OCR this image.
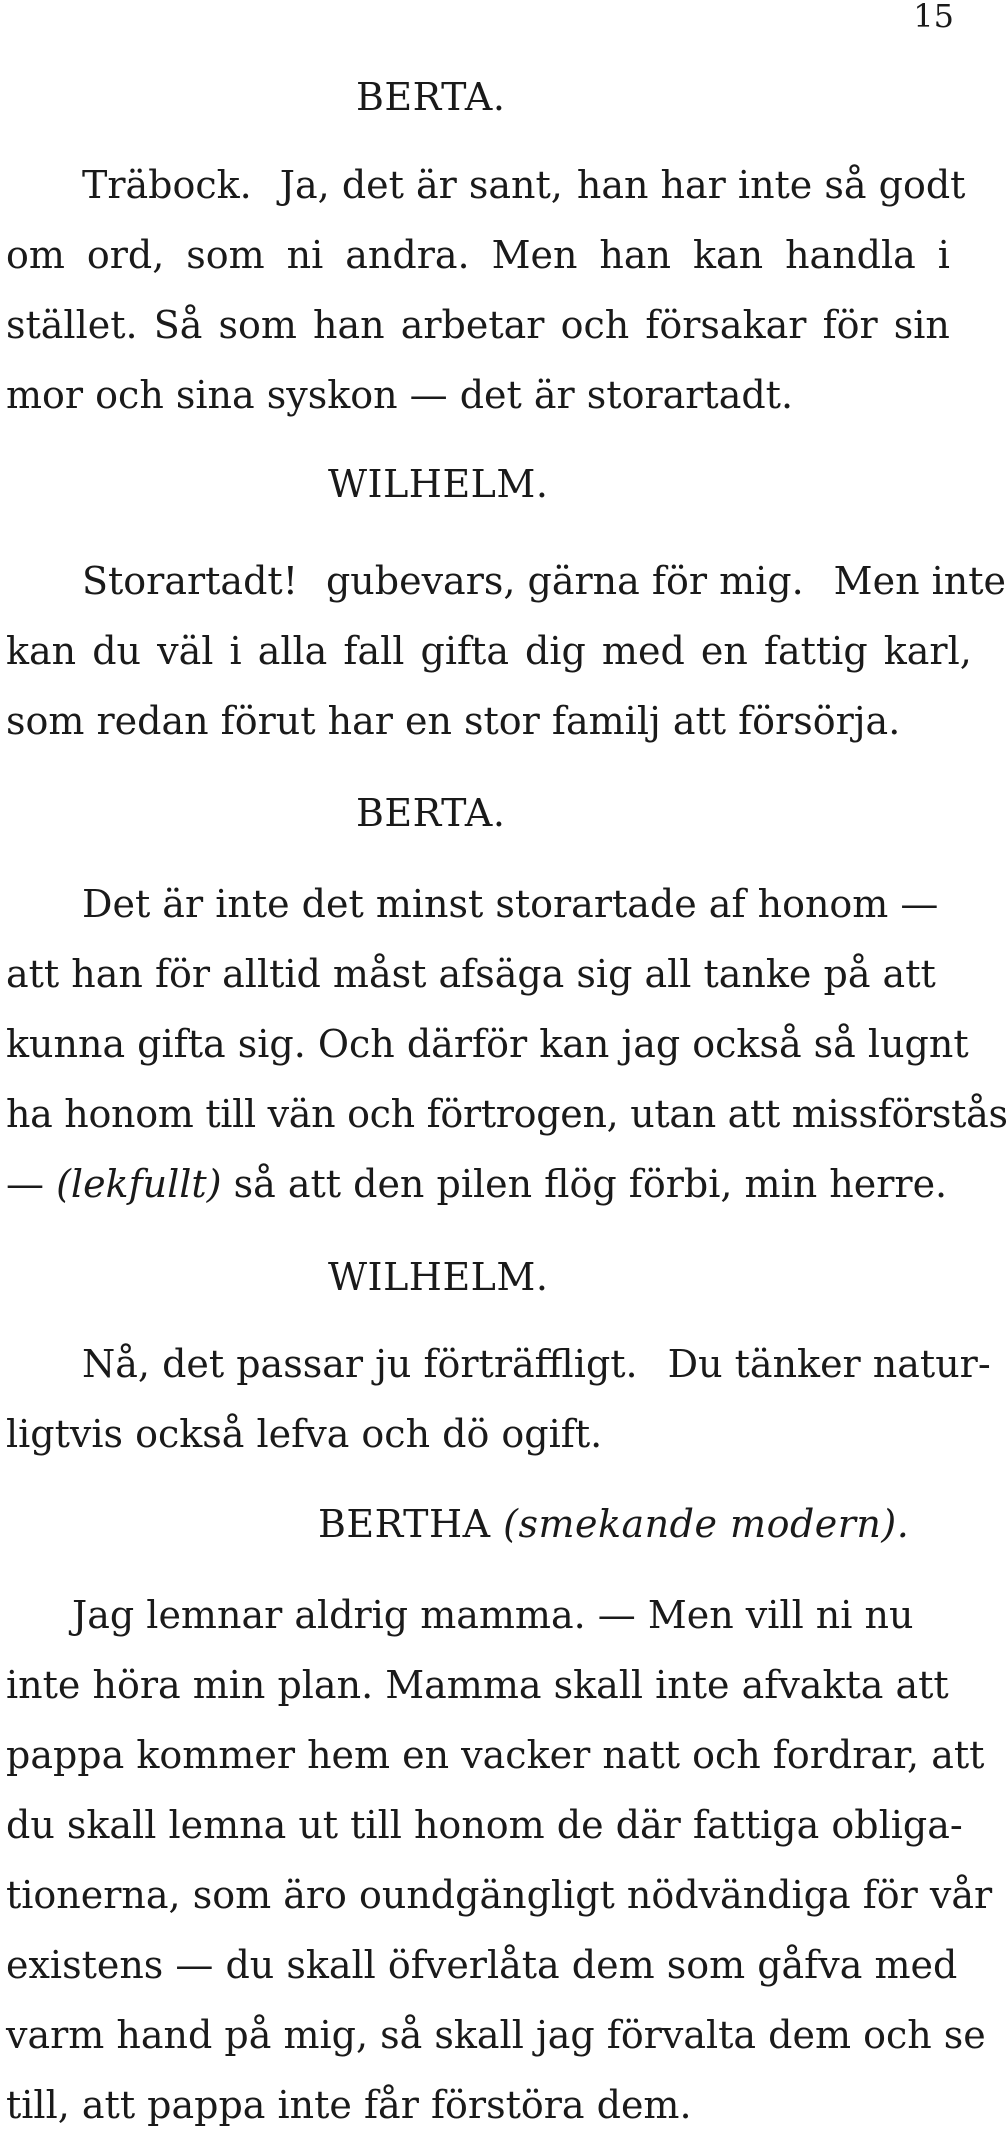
15
BERTA.
Träbock. Ja, det är sant, han har inte så godt
om ord, som ni andra. Men han kan handla i
stället. Så som han arbetar och försakar för sin
mor och sina syskon — det är storartadt.
WILHELM.
Storartadt! gubevars, gärna för mig. Men inte
kan du väl i alla fall gifta dig med en fattig karl,
som redan förut har en stor familj att försörja.
BERTA.
Det är inte det minst storartade af honom —
att han för alltid måst afsäga sig all tanke på att
kunna gifta sig. Och därför kan jag också så lugnt
ha honom till vän och förtrogen, utan att missförstås
— (lekfullt) så att den pilen flög förbi, min herre.
WILHELM.
Nå, det passar ju förträffligt. Du tänker natur-
ligtvis också lefva och dö ogift.
BERTHA (smekande modern).
Jag lemnar aldrig mamma. — Men vill ni nu
inte höra min plan. Mamma skall inte afvakta att
pappa kommer hem en vacker natt och fordrar, att
du skall lemna ut till honom de där fattiga obliga-
tionerna, som äro oundgängligt nödvändiga för vår
existens — du skall öfverlåta dem som gåfva med
varm hand på mig, så skall jag förvalta dem och se
till, att pappa inte får förstöra dem.
